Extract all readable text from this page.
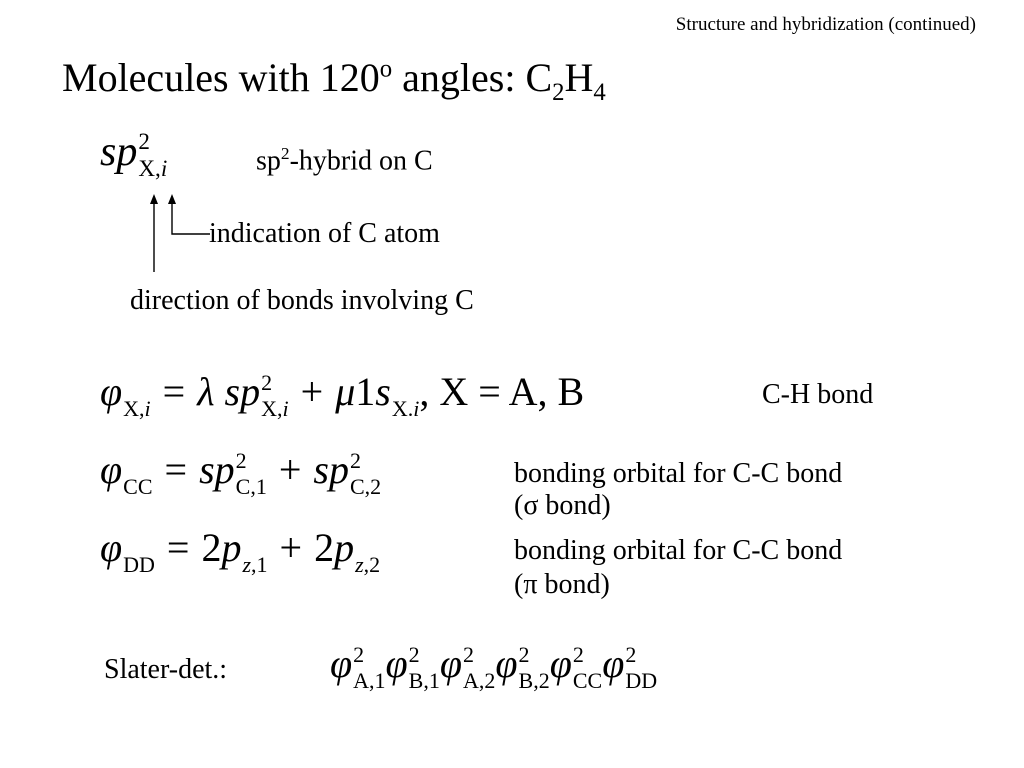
Structure and hybridization (continued)
Molecules with 120$^o$ angles: $C_2H_4$
sp 2
X,i	$sp^2$-hybrid on C
indication of C atom
direction of bonds involving C
φ
X,i = λ sp 2
X,i + μ1s
X.i , X = A, B	C-H bond
φ
CC = sp 2
C,1 + sp 2
C,2	bonding orbital for C-C bond
(σ bond)
φ
DD = 2p
z,1 + 2p
z,2	bonding orbital for C-C bond
(π bond)
Slater-det.:	φ 2
A,1 φ 2
B,1 φ 2
A,2 φ 2
B,2 φ 2
CC φ 2
DD
